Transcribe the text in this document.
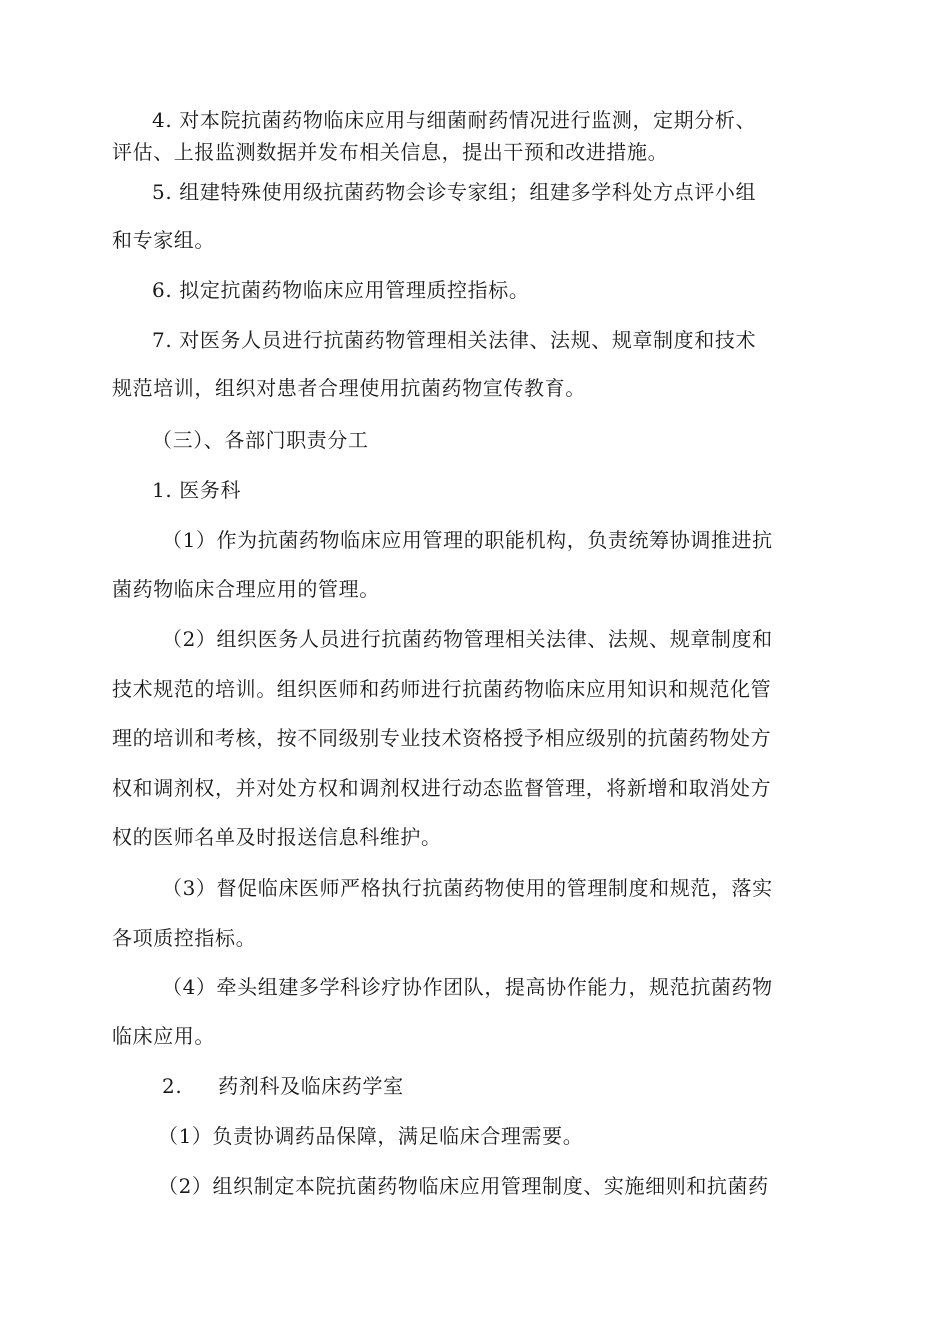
4. 对本院抗菌药物临床应用与细菌耐药情况进行监测，定期分析、
评估、上报监测数据并发布相关信息，提出干预和改进措施。
5. 组建特殊使用级抗菌药物会诊专家组；组建多学科处方点评小组
和专家组。
6. 拟定抗菌药物临床应用管理质控指标。
7. 对医务人员进行抗菌药物管理相关法律、法规、规章制度和技术
规范培训，组织对患者合理使用抗菌药物宣传教育。
（三）、各部门职责分工
1. 医务科
（1）作为抗菌药物临床应用管理的职能机构，负责统筹协调推进抗
菌药物临床合理应用的管理。
（2）组织医务人员进行抗菌药物管理相关法律、法规、规章制度和
技术规范的培训。组织医师和药师进行抗菌药物临床应用知识和规范化管
理的培训和考核，按不同级别专业技术资格授予相应级别的抗菌药物处方
权和调剂权，并对处方权和调剂权进行动态监督管理，将新增和取消处方
权的医师名单及时报送信息科维护。
（3）督促临床医师严格执行抗菌药物使用的管理制度和规范，落实
各项质控指标。
（4）牵头组建多学科诊疗协作团队，提高协作能力，规范抗菌药物
临床应用。
2. 药剂科及临床药学室
（1）负责协调药品保障，满足临床合理需要。
（2）组织制定本院抗菌药物临床应用管理制度、实施细则和抗菌药
